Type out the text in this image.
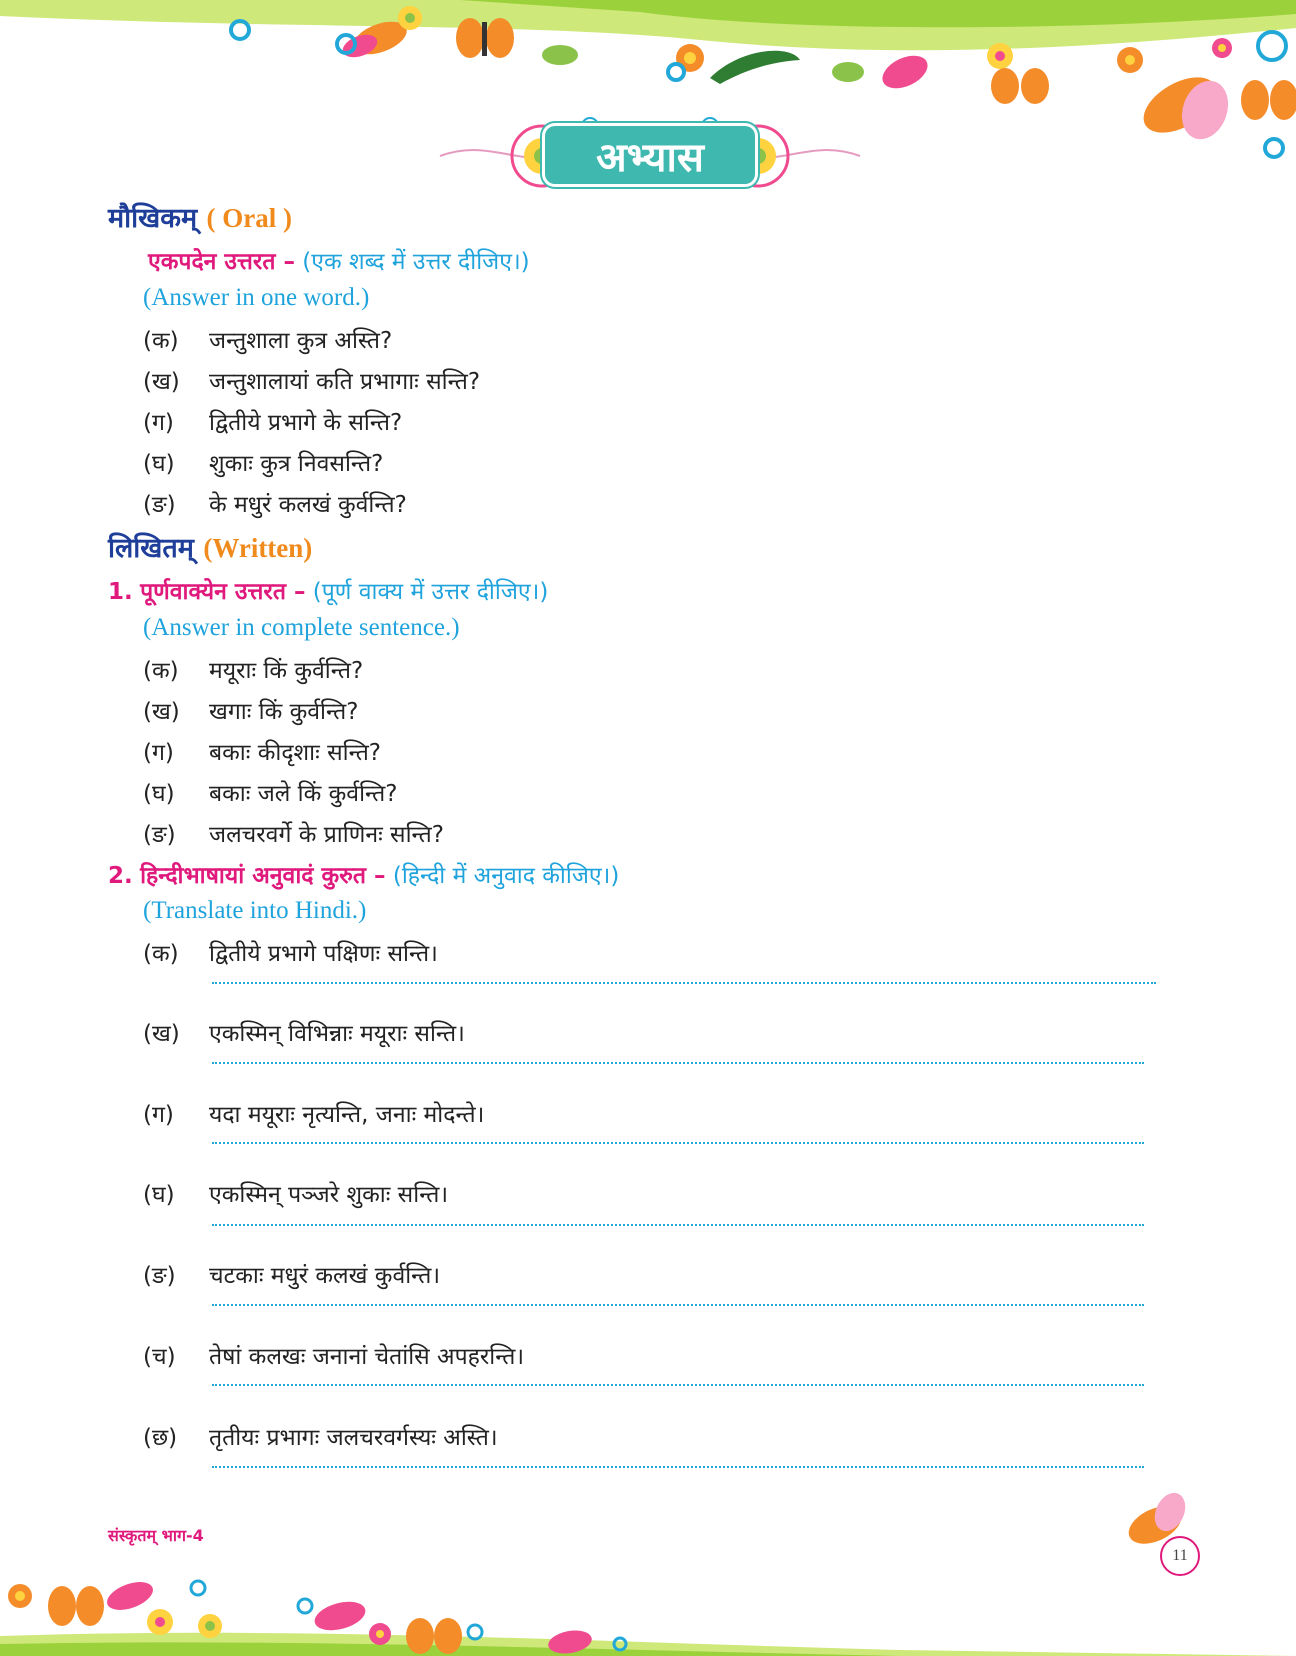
अभ्यास
मौखिकम् ( Oral )
एकपदेन उत्तरत – (एक शब्द में उत्तर दीजिए।)
(Answer in one word.)
(क) जन्तुशाला कुत्र अस्ति?
(ख) जन्तुशालायां कति प्रभागाः सन्ति?
(ग) द्वितीये प्रभागे के सन्ति?
(घ) शुकाः कुत्र निवसन्ति?
(ङ) के मधुरं कलखं कुर्वन्ति?
लिखितम् (Written)
1. पूर्णवाक्येन उत्तरत – (पूर्ण वाक्य में उत्तर दीजिए।)
(Answer in complete sentence.)
(क) मयूराः किं कुर्वन्ति?
(ख) खगाः किं कुर्वन्ति?
(ग) बकाः कीदृशाः सन्ति?
(घ) बकाः जले किं कुर्वन्ति?
(ङ) जलचरवर्गे के प्राणिनः सन्ति?
2. हिन्दीभाषायां अनुवादं कुरुत – (हिन्दी में अनुवाद कीजिए।)
(Translate into Hindi.)
(क) द्वितीये प्रभागे पक्षिणः सन्ति।
(ख) एकस्मिन् विभिन्नाः मयूराः सन्ति।
(ग) यदा मयूराः नृत्यन्ति, जनाः मोदन्ते।
(घ) एकस्मिन् पञ्जरे शुकाः सन्ति।
(ङ) चटकाः मधुरं कलखं कुर्वन्ति।
(च) तेषां कलखः जनानां चेतांसि अपहरन्ति।
(छ) तृतीयः प्रभागः जलचरवर्गस्यः अस्ति।
संस्कृतम् भाग-4
11
